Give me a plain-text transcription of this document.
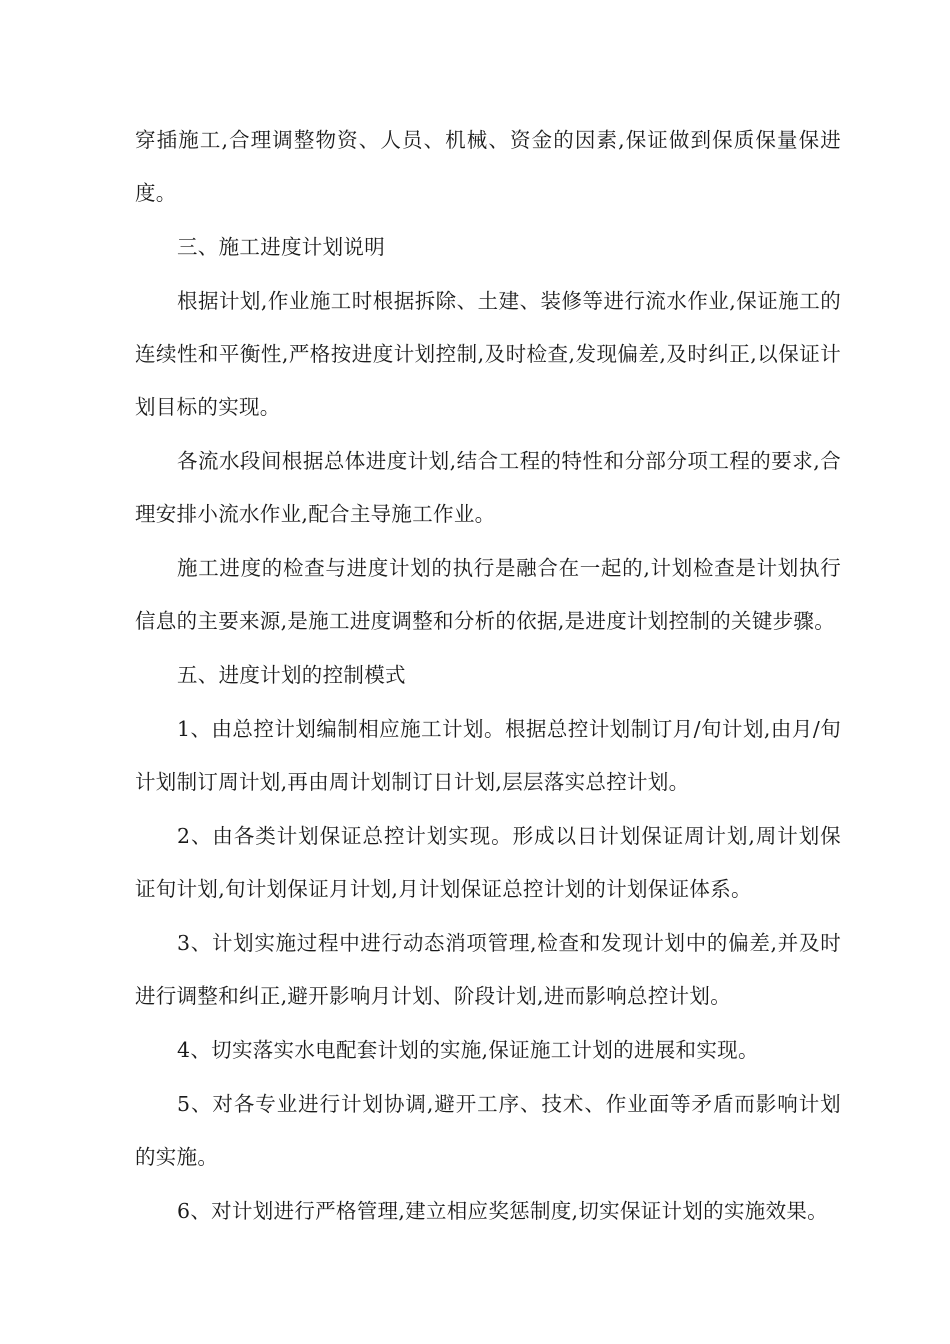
穿插施工,合理调整物资、人员、机械、资金的因素,保证做到保质保量保进度。

三、施工进度计划说明

根据计划,作业施工时根据拆除、土建、装修等进行流水作业,保证施工的连续性和平衡性,严格按进度计划控制,及时检查,发现偏差,及时纠正,以保证计划目标的实现。

各流水段间根据总体进度计划,结合工程的特性和分部分项工程的要求,合理安排小流水作业,配合主导施工作业。

施工进度的检查与进度计划的执行是融合在一起的,计划检查是计划执行信息的主要来源,是施工进度调整和分析的依据,是进度计划控制的关键步骤。

五、进度计划的控制模式

1、由总控计划编制相应施工计划。根据总控计划制订月/旬计划,由月/旬计划制订周计划,再由周计划制订日计划,层层落实总控计划。

2、由各类计划保证总控计划实现。形成以日计划保证周计划,周计划保证旬计划,旬计划保证月计划,月计划保证总控计划的计划保证体系。

3、计划实施过程中进行动态消项管理,检查和发现计划中的偏差,并及时进行调整和纠正,避开影响月计划、阶段计划,进而影响总控计划。

4、切实落实水电配套计划的实施,保证施工计划的进展和实现。

5、对各专业进行计划协调,避开工序、技术、作业面等矛盾而影响计划的实施。

6、对计划进行严格管理,建立相应奖惩制度,切实保证计划的实施效果。
